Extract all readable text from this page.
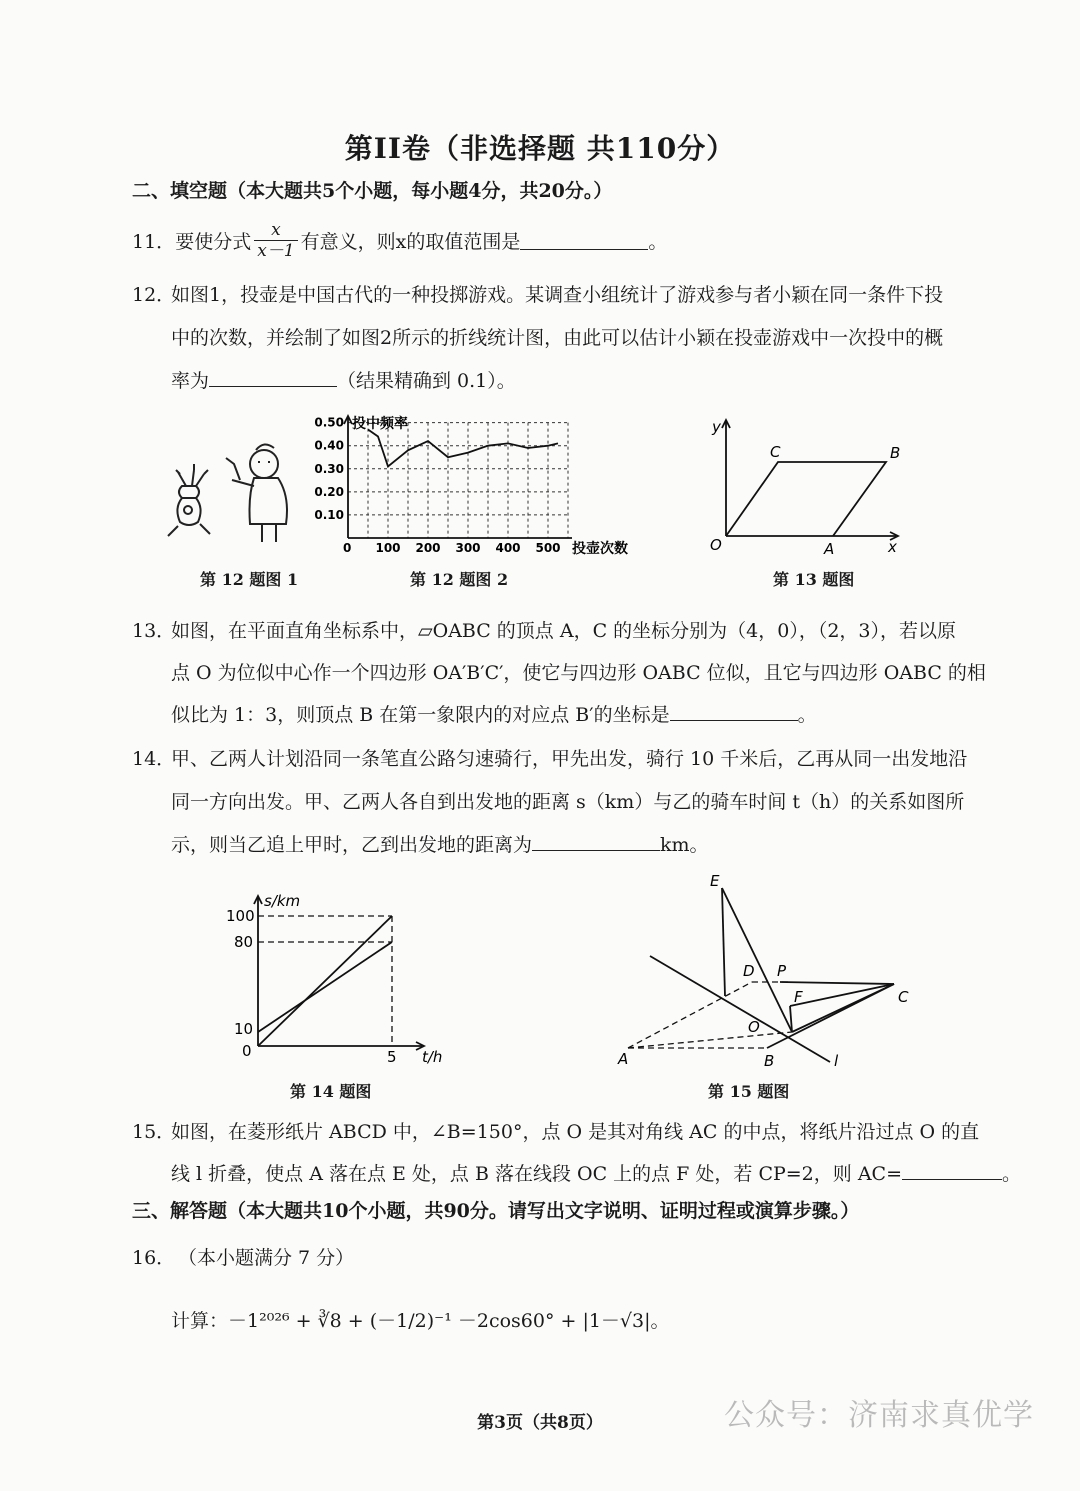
第II卷（非选择题 共110分）
二、填空题（本大题共5个小题，每小题4分，共20分。）
11． 要使分式 $\frac{x}{x-1}$ 有意义，则x的取值范围是	。
12．
如图1，投壶是中国古代的一种投掷游戏。某调查小组统计了游戏参与者小颖在同一条件下投
中的次数，并绘制了如图2所示的折线统计图，由此可以估计小颖在投壶游戏中一次投中的概
率为	（结果精确到 0.1）。
第 12 题图 1
投中频率
投壶次数
0
0.50
0.40
0.30
0.20
0.10
100 200 300 400 500
第 12 题图 2
y
C	B
O	A	x
第 13 题图
13．
如图，在平面直角坐标系中，▱OABC 的顶点 A，C 的坐标分别为（4，0），（2，3），若以原
点 O 为位似中心作一个四边形 OA′B′C′，使它与四边形 OABC 位似，且它与四边形 OABC 的相
似比为 1：3，则顶点 B 在第一象限内的对应点 B′的坐标是	。
14．
甲、乙两人计划沿同一条笔直公路匀速骑行，甲先出发，骑行 10 千米后，乙再从同一出发地沿
同一方向出发。甲、乙两人各自到出发地的距离 s（km）与乙的骑车时间 t（h）的关系如图所
示，则当乙追上甲时，乙到出发地的距离为	km。
s/km
100
80
10
0	5 t/h
第 14 题图
E
D P
F	C
O
A	B	l
第 15 题图
15．
如图，在菱形纸片 ABCD 中，∠B=150°，点 O 是其对角线 AC 的中点，将纸片沿过点 O 的直
线 l 折叠，使点 A 落在点 E 处，点 B 落在线段 OC 上的点 F 处，若 CP=2，则 AC=	。
三、解答题（本大题共10个小题，共90分。请写出文字说明、证明过程或演算步骤。）
16． （本小题满分 7 分）
计算：－1²⁰²⁶ + ∛8 + (－1/2)⁻¹ －2cos60° + |1－√3|。
第3页（共8页）	公众号：济南求真优学
